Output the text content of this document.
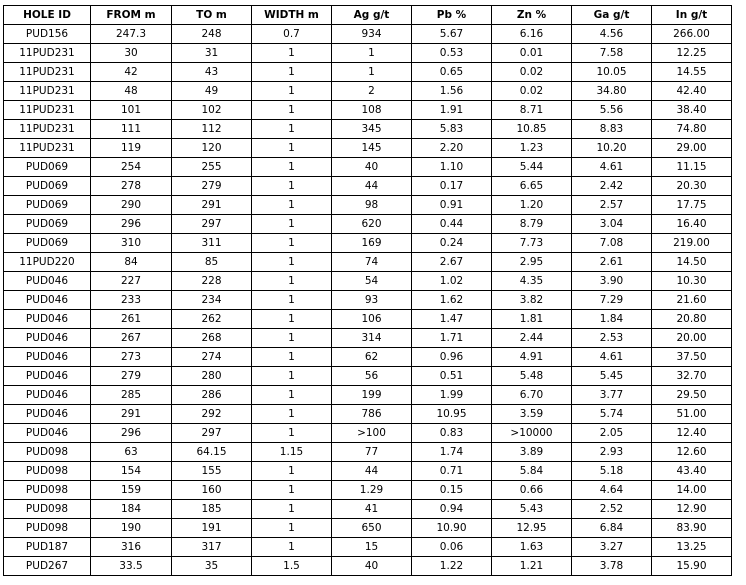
HOLE ID	FROM m	TO m	WIDTH m	Ag g/t	Pb %	Zn %	Ga g/t	In g/t
PUD156	247.3	248	0.7	934	5.67	6.16	4.56	266.00
11PUD231	30	31	1	1	0.53	0.01	7.58	12.25
11PUD231	42	43	1	1	0.65	0.02	10.05	14.55
11PUD231	48	49	1	2	1.56	0.02	34.80	42.40
11PUD231	101	102	1	108	1.91	8.71	5.56	38.40
11PUD231	111	112	1	345	5.83	10.85	8.83	74.80
11PUD231	119	120	1	145	2.20	1.23	10.20	29.00
PUD069	254	255	1	40	1.10	5.44	4.61	11.15
PUD069	278	279	1	44	0.17	6.65	2.42	20.30
PUD069	290	291	1	98	0.91	1.20	2.57	17.75
PUD069	296	297	1	620	0.44	8.79	3.04	16.40
PUD069	310	311	1	169	0.24	7.73	7.08	219.00
11PUD220	84	85	1	74	2.67	2.95	2.61	14.50
PUD046	227	228	1	54	1.02	4.35	3.90	10.30
PUD046	233	234	1	93	1.62	3.82	7.29	21.60
PUD046	261	262	1	106	1.47	1.81	1.84	20.80
PUD046	267	268	1	314	1.71	2.44	2.53	20.00
PUD046	273	274	1	62	0.96	4.91	4.61	37.50
PUD046	279	280	1	56	0.51	5.48	5.45	32.70
PUD046	285	286	1	199	1.99	6.70	3.77	29.50
PUD046	291	292	1	786	10.95	3.59	5.74	51.00
PUD046	296	297	1	>100	0.83	>10000	2.05	12.40
PUD098	63	64.15	1.15	77	1.74	3.89	2.93	12.60
PUD098	154	155	1	44	0.71	5.84	5.18	43.40
PUD098	159	160	1	1.29	0.15	0.66	4.64	14.00
PUD098	184	185	1	41	0.94	5.43	2.52	12.90
PUD098	190	191	1	650	10.90	12.95	6.84	83.90
PUD187	316	317	1	15	0.06	1.63	3.27	13.25
PUD267	33.5	35	1.5	40	1.22	1.21	3.78	15.90
